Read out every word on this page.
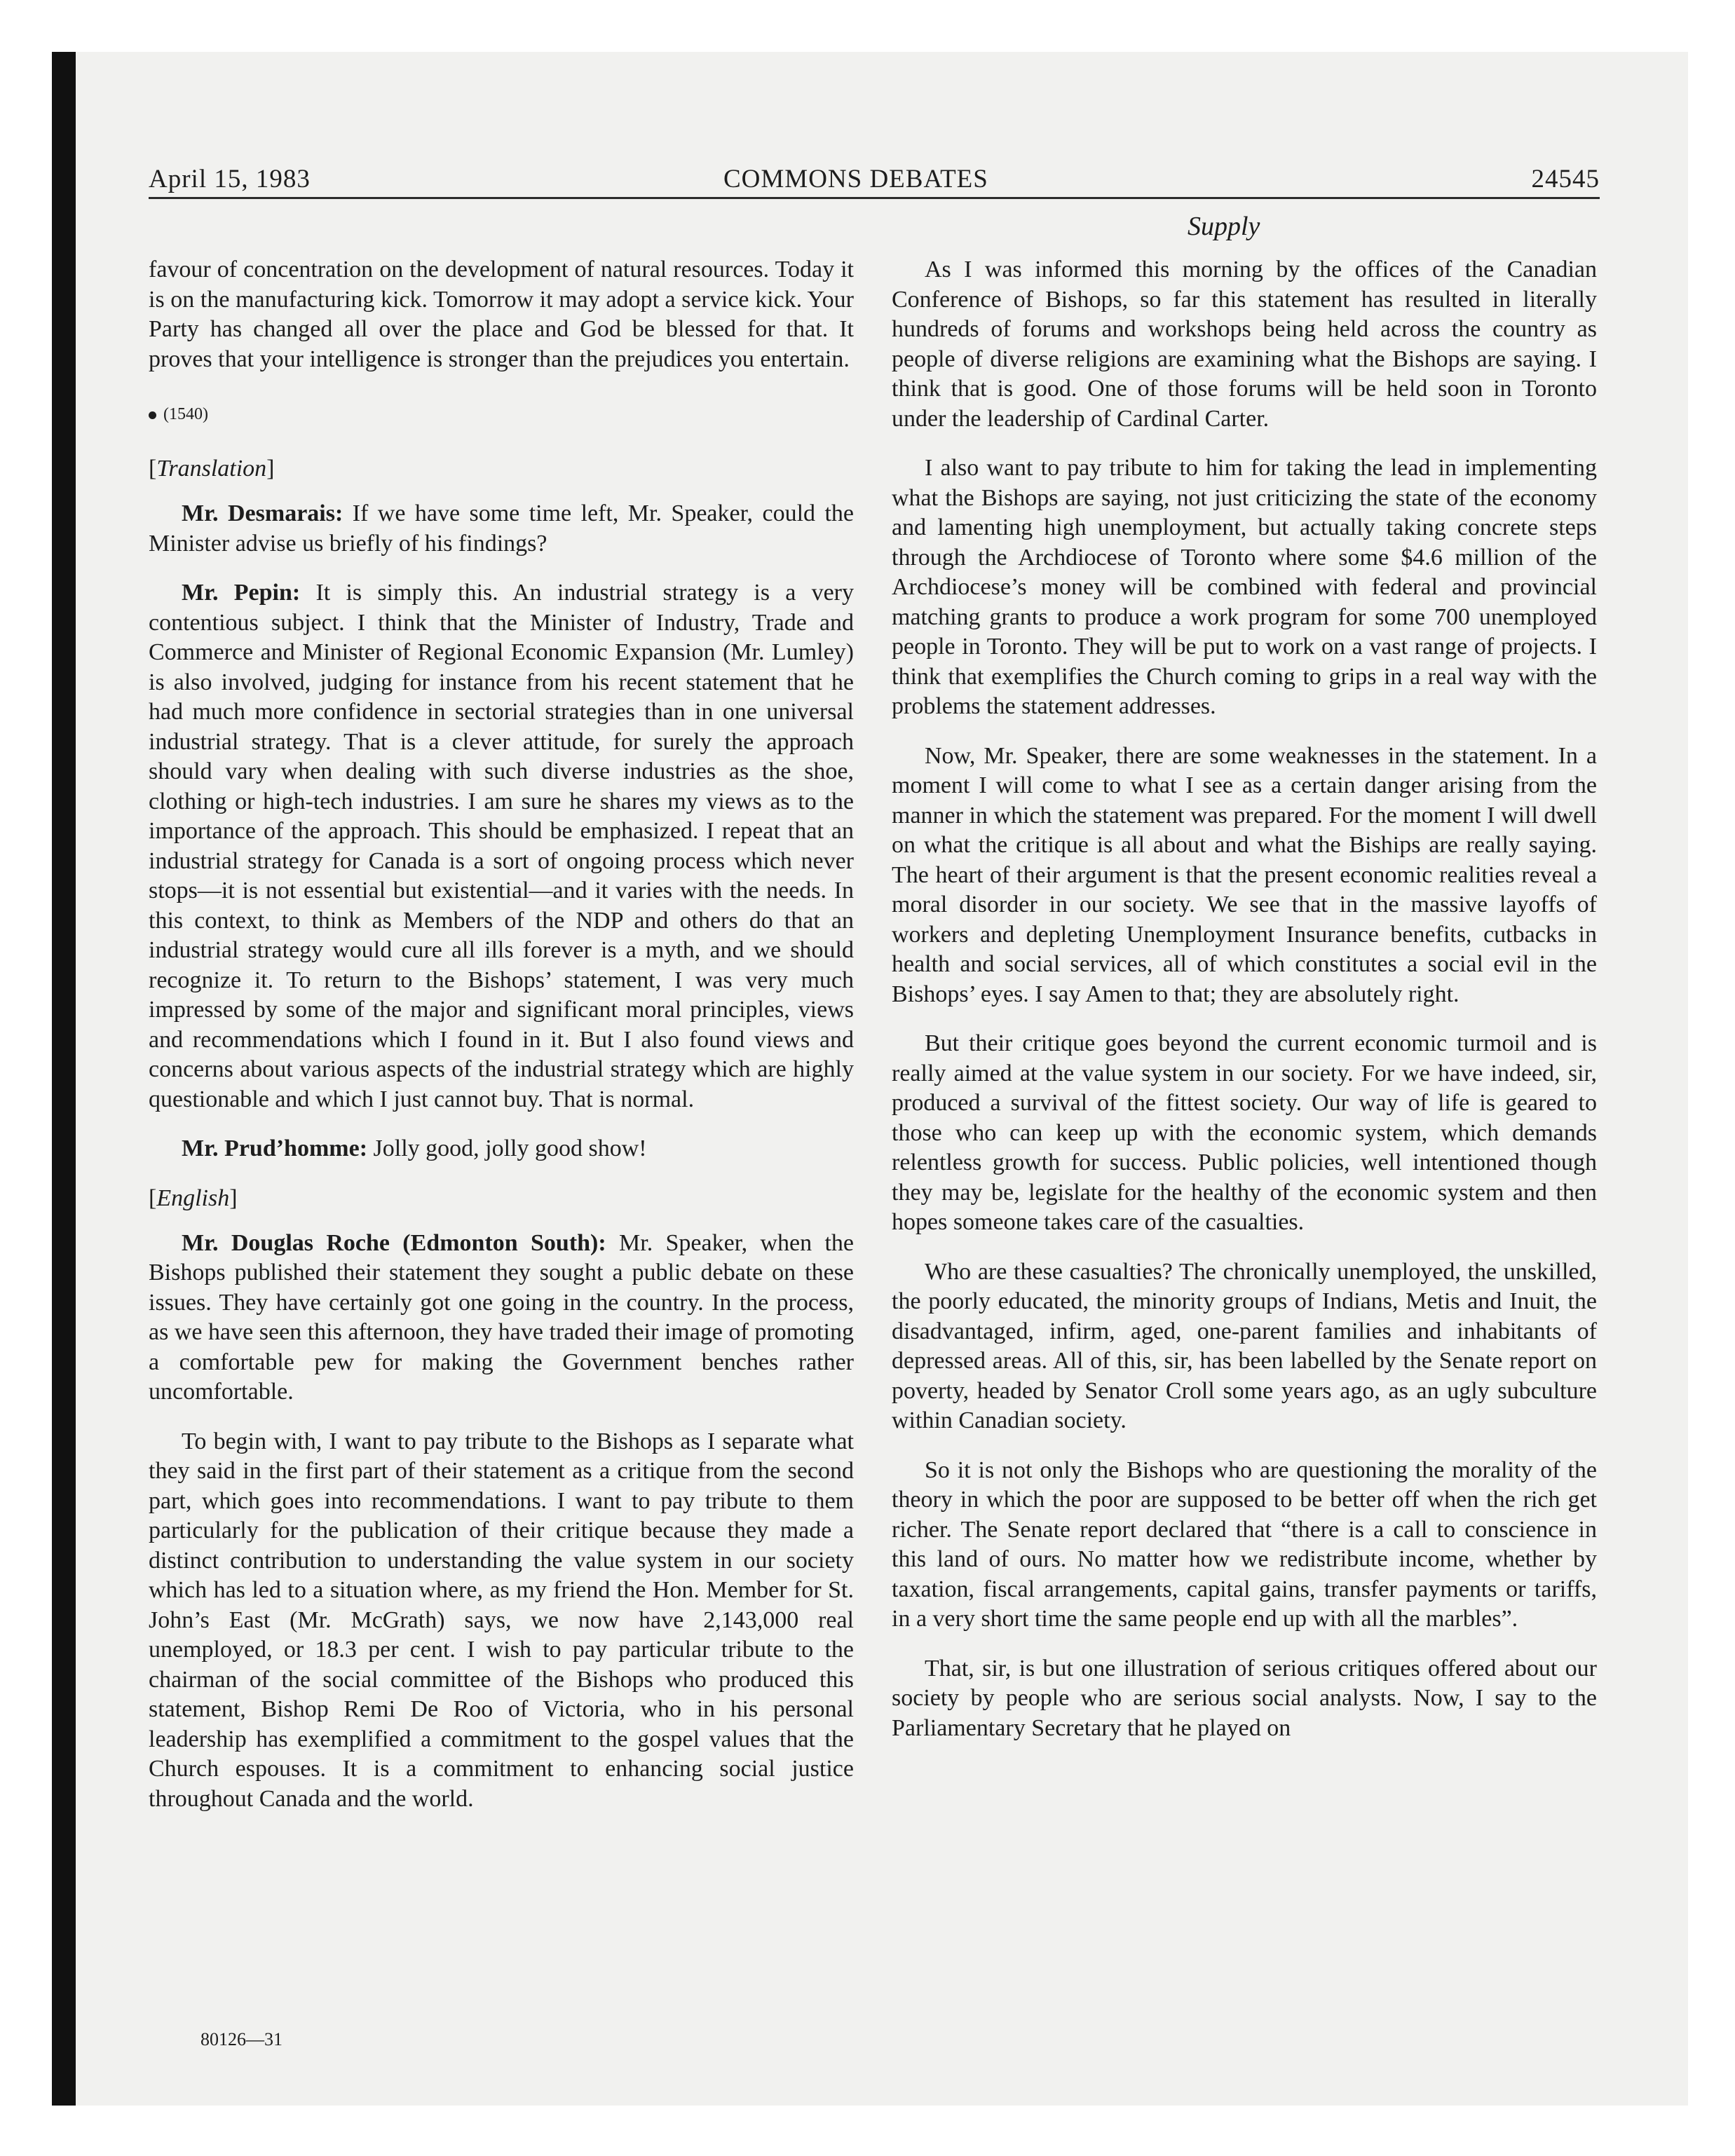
April 15, 1983	COMMONS DEBATES	24545
Supply

favour of concentration on the development of natural resources. Today it is on the manufacturing kick. Tomorrow it may adopt a service kick. Your Party has changed all over the place and God be blessed for that. It proves that your intelligence is stronger than the prejudices you entertain.

(1540)
[Translation]

Mr. Desmarais: If we have some time left, Mr. Speaker, could the Minister advise us briefly of his findings?

Mr. Pepin: It is simply this. An industrial strategy is a very contentious subject. I think that the Minister of Industry, Trade and Commerce and Minister of Regional Economic Expansion (Mr. Lumley) is also involved, judging for instance from his recent statement that he had much more confidence in sectorial strategies than in one universal industrial strategy. That is a clever attitude, for surely the approach should vary when dealing with such diverse industries as the shoe, clothing or high-tech industries. I am sure he shares my views as to the importance of the approach. This should be emphasized. I repeat that an industrial strategy for Canada is a sort of ongoing process which never stops—it is not essential but existential—and it varies with the needs. In this context, to think as Members of the NDP and others do that an industrial strategy would cure all ills forever is a myth, and we should recognize it. To return to the Bishops’ statement, I was very much impressed by some of the major and significant moral principles, views and recommendations which I found in it. But I also found views and concerns about various aspects of the industrial strategy which are highly questionable and which I just cannot buy. That is normal.

Mr. Prud’homme: Jolly good, jolly good show!

[English]

Mr. Douglas Roche (Edmonton South): Mr. Speaker, when the Bishops published their statement they sought a public debate on these issues. They have certainly got one going in the country. In the process, as we have seen this afternoon, they have traded their image of promoting a comfortable pew for making the Government benches rather uncomfortable.

To begin with, I want to pay tribute to the Bishops as I separate what they said in the first part of their statement as a critique from the second part, which goes into recommendations. I want to pay tribute to them particularly for the publication of their critique because they made a distinct contribution to understanding the value system in our society which has led to a situation where, as my friend the Hon. Member for St. John’s East (Mr. McGrath) says, we now have 2,143,000 real unemployed, or 18.3 per cent. I wish to pay particular tribute to the chairman of the social committee of the Bishops who produced this statement, Bishop Remi De Roo of Victoria, who in his personal leadership has exemplified a commitment to the gospel values that the Church espouses. It is a commitment to enhancing social justice throughout Canada and the world.

As I was informed this morning by the offices of the Canadian Conference of Bishops, so far this statement has resulted in literally hundreds of forums and workshops being held across the country as people of diverse religions are examining what the Bishops are saying. I think that is good. One of those forums will be held soon in Toronto under the leadership of Cardinal Carter.

I also want to pay tribute to him for taking the lead in implementing what the Bishops are saying, not just criticizing the state of the economy and lamenting high unemployment, but actually taking concrete steps through the Archdiocese of Toronto where some $4.6 million of the Archdiocese’s money will be combined with federal and provincial matching grants to produce a work program for some 700 unemployed people in Toronto. They will be put to work on a vast range of projects. I think that exemplifies the Church coming to grips in a real way with the problems the statement addresses.

Now, Mr. Speaker, there are some weaknesses in the statement. In a moment I will come to what I see as a certain danger arising from the manner in which the statement was prepared. For the moment I will dwell on what the critique is all about and what the Biships are really saying. The heart of their argument is that the present economic realities reveal a moral disorder in our society. We see that in the massive layoffs of workers and depleting Unemployment Insurance benefits, cutbacks in health and social services, all of which constitutes a social evil in the Bishops’ eyes. I say Amen to that; they are absolutely right.

But their critique goes beyond the current economic turmoil and is really aimed at the value system in our society. For we have indeed, sir, produced a survival of the fittest society. Our way of life is geared to those who can keep up with the economic system, which demands relentless growth for success. Public policies, well intentioned though they may be, legislate for the healthy of the economic system and then hopes someone takes care of the casualties.

Who are these casualties? The chronically unemployed, the unskilled, the poorly educated, the minority groups of Indians, Metis and Inuit, the disadvantaged, infirm, aged, one-parent families and inhabitants of depressed areas. All of this, sir, has been labelled by the Senate report on poverty, headed by Senator Croll some years ago, as an ugly subculture within Canadian society.

So it is not only the Bishops who are questioning the morality of the theory in which the poor are supposed to be better off when the rich get richer. The Senate report declared that “there is a call to conscience in this land of ours. No matter how we redistribute income, whether by taxation, fiscal arrangements, capital gains, transfer payments or tariffs, in a very short time the same people end up with all the marbles”.

That, sir, is but one illustration of serious critiques offered about our society by people who are serious social analysts. Now, I say to the Parliamentary Secretary that he played on

80126—31
